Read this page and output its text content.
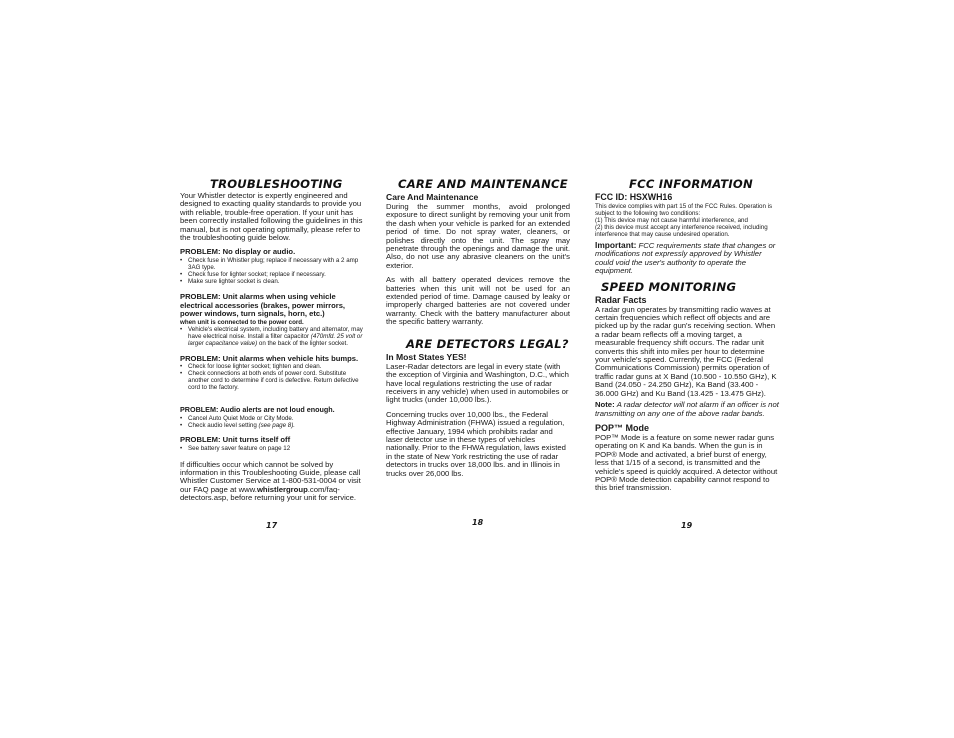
TROUBLESHOOTING

Your Whistler detector is expertly engineered and designed to exacting quality standards to provide you with reliable, trouble-free operation. If your unit has been correctly installed following the guidelines in this manual, but is not operating optimally, please refer to the troubleshooting guide below.

PROBLEM: No display or audio.

• Check fuse in Whistler plug; replace if necessary with a 2 amp 3AG type.
• Check fuse for lighter socket; replace if necessary.
• Make sure lighter socket is clean.

PROBLEM: Unit alarms when using vehicle electrical accessories (brakes, power mirrors, power windows, turn signals, horn, etc.)

when unit is connected to the power cord.

• Vehicle's electrical system, including battery and alternator, may have electrical noise. Install a filter capacitor (470mfd. 25 volt or larger capacitance value) on the back of the lighter socket.

PROBLEM: Unit alarms when vehicle hits bumps.

• Check for loose lighter socket; tighten and clean.
• Check connections at both ends of power cord. Substitute another cord to determine if cord is defective. Return defective cord to the factory.

PROBLEM: Audio alerts are not loud enough.

• Cancel Auto Quiet Mode or City Mode.
• Check audio level setting (see page 8).

PROBLEM: Unit turns itself off

• See battery saver feature on page 12

If difficulties occur which cannot be solved by information in this Troubleshooting Guide, please call Whistler Customer Service at 1-800-531-0004 or visit our FAQ page at www.whistlergroup.com/faq-detectors.asp, before returning your unit for service.

CARE AND MAINTENANCE

Care And Maintenance

During the summer months, avoid prolonged exposure to direct sunlight by removing your unit from the dash when your vehicle is parked for an extended period of time. Do not spray water, cleaners, or polishes directly onto the unit. The spray may penetrate through the openings and damage the unit. Also, do not use any abrasive cleaners on the unit's exterior.

As with all battery operated devices remove the batteries when this unit will not be used for an extended period of time. Damage caused by leaky or improperly charged batteries are not covered under warranty. Check with the battery manufacturer about the specific battery warranty.

ARE DETECTORS LEGAL?

In Most States YES!

Laser-Radar detectors are legal in every state (with the exception of Virginia and Washington, D.C., which have local regulations restricting the use of radar receivers in any vehicle) when used in automobiles or light trucks (under 10,000 lbs.).

Concerning trucks over 10,000 lbs., the Federal Highway Administration (FHWA) issued a regulation, effective January, 1994 which prohibits radar and laser detector use in these types of vehicles nationally. Prior to the FHWA regulation, laws existed in the state of New York restricting the use of radar detectors in trucks over 18,000 lbs. and in Illinois in trucks over 26,000 lbs.

FCC INFORMATION

FCC ID: HSXWH16

This device complies with part 15 of the FCC Rules. Operation is subject to the following two conditions:

(1) This device may not cause harmful interference, and

(2) this device must accept any interference received, including interference that may cause undesired operation.

Important: FCC requirements state that changes or modifications not expressly approved by Whistler could void the user's authority to operate the equipment.

SPEED MONITORING

Radar Facts

A radar gun operates by transmitting radio waves at certain frequencies which reflect off objects and are picked up by the radar gun's receiving section. When a radar beam reflects off a moving target, a measurable frequency shift occurs. The radar unit converts this shift into miles per hour to determine your vehicle's speed. Currently, the FCC (Federal Communications Commission) permits operation of traffic radar guns at X Band (10.500 - 10.550 GHz), K Band (24.050 - 24.250 GHz), Ka Band (33.400 - 36.000 GHz) and Ku Band (13.425 - 13.475 GHz).

Note: A radar detector will not alarm if an officer is not transmitting on any one of the above radar bands.

POP™ Mode

POP™ Mode is a feature on some newer radar guns operating on K and Ka bands. When the gun is in POP® Mode and activated, a brief burst of energy, less that 1/15 of a second, is transmitted and the vehicle's speed is quickly acquired. A detector without POP® Mode detection capability cannot respond to this brief transmission.

17	18	19
